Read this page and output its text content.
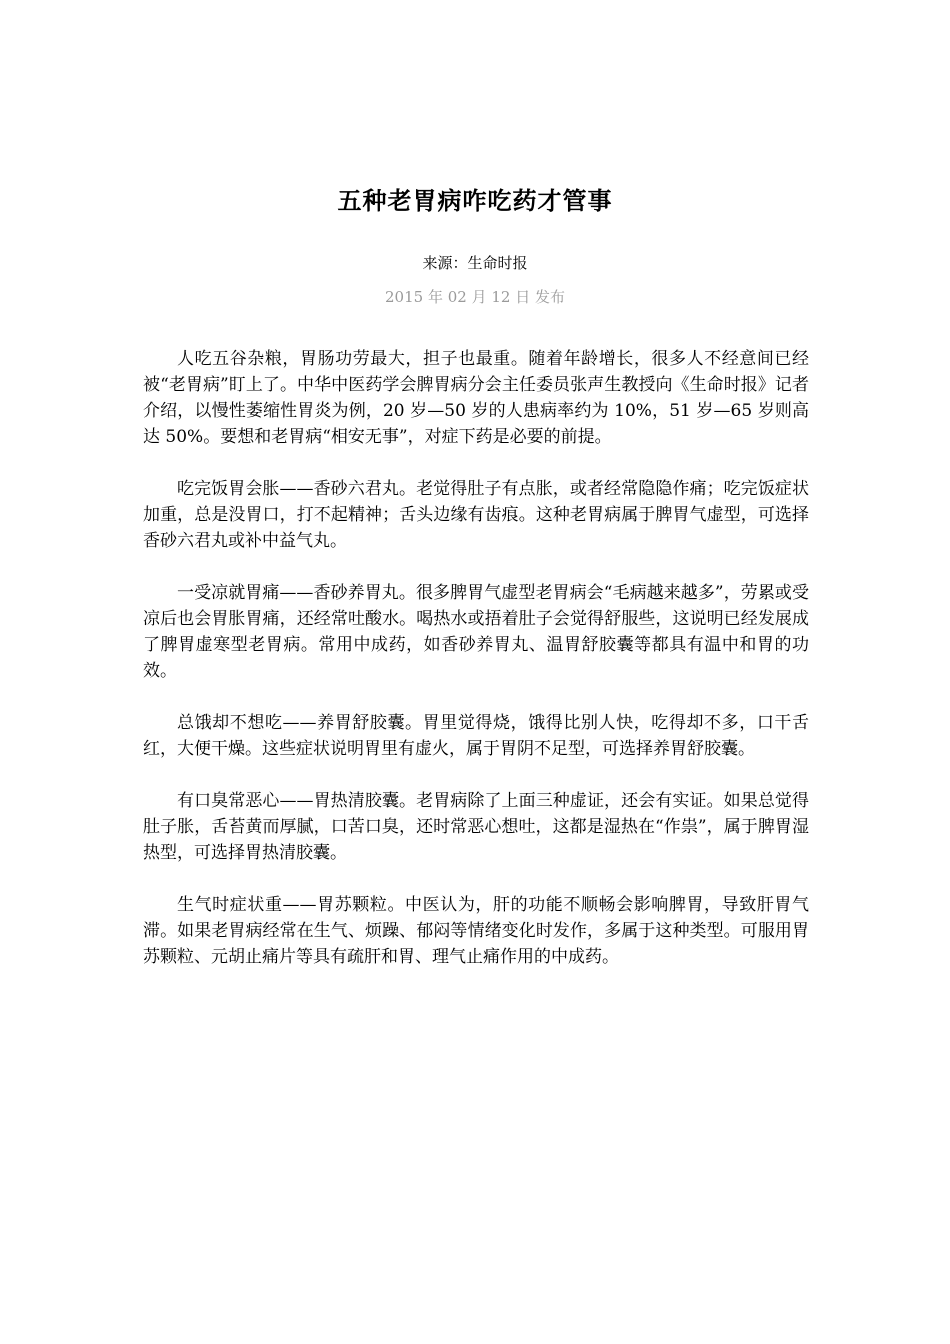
五种老胃病咋吃药才管事
来源：生命时报
2015 年 02 月 12 日 发布

人吃五谷杂粮，胃肠功劳最大，担子也最重。随着年龄增长，很多人不经意间已经被“老胃病”盯上了。中华中医药学会脾胃病分会主任委员张声生教授向《生命时报》记者介绍，以慢性萎缩性胃炎为例，20 岁—50 岁的人患病率约为 10%，51 岁—65 岁则高达 50%。要想和老胃病“相安无事”，对症下药是必要的前提。

吃完饭胃会胀——香砂六君丸。老觉得肚子有点胀，或者经常隐隐作痛；吃完饭症状加重，总是没胃口，打不起精神；舌头边缘有齿痕。这种老胃病属于脾胃气虚型，可选择香砂六君丸或补中益气丸。

一受凉就胃痛——香砂养胃丸。很多脾胃气虚型老胃病会“毛病越来越多”，劳累或受凉后也会胃胀胃痛，还经常吐酸水。喝热水或捂着肚子会觉得舒服些，这说明已经发展成了脾胃虚寒型老胃病。常用中成药，如香砂养胃丸、温胃舒胶囊等都具有温中和胃的功效。

总饿却不想吃——养胃舒胶囊。胃里觉得烧，饿得比别人快，吃得却不多，口干舌红，大便干燥。这些症状说明胃里有虚火，属于胃阴不足型，可选择养胃舒胶囊。

有口臭常恶心——胃热清胶囊。老胃病除了上面三种虚证，还会有实证。如果总觉得肚子胀，舌苔黄而厚腻，口苦口臭，还时常恶心想吐，这都是湿热在“作祟”，属于脾胃湿热型，可选择胃热清胶囊。

生气时症状重——胃苏颗粒。中医认为，肝的功能不顺畅会影响脾胃，导致肝胃气滞。如果老胃病经常在生气、烦躁、郁闷等情绪变化时发作，多属于这种类型。可服用胃苏颗粒、元胡止痛片等具有疏肝和胃、理气止痛作用的中成药。
